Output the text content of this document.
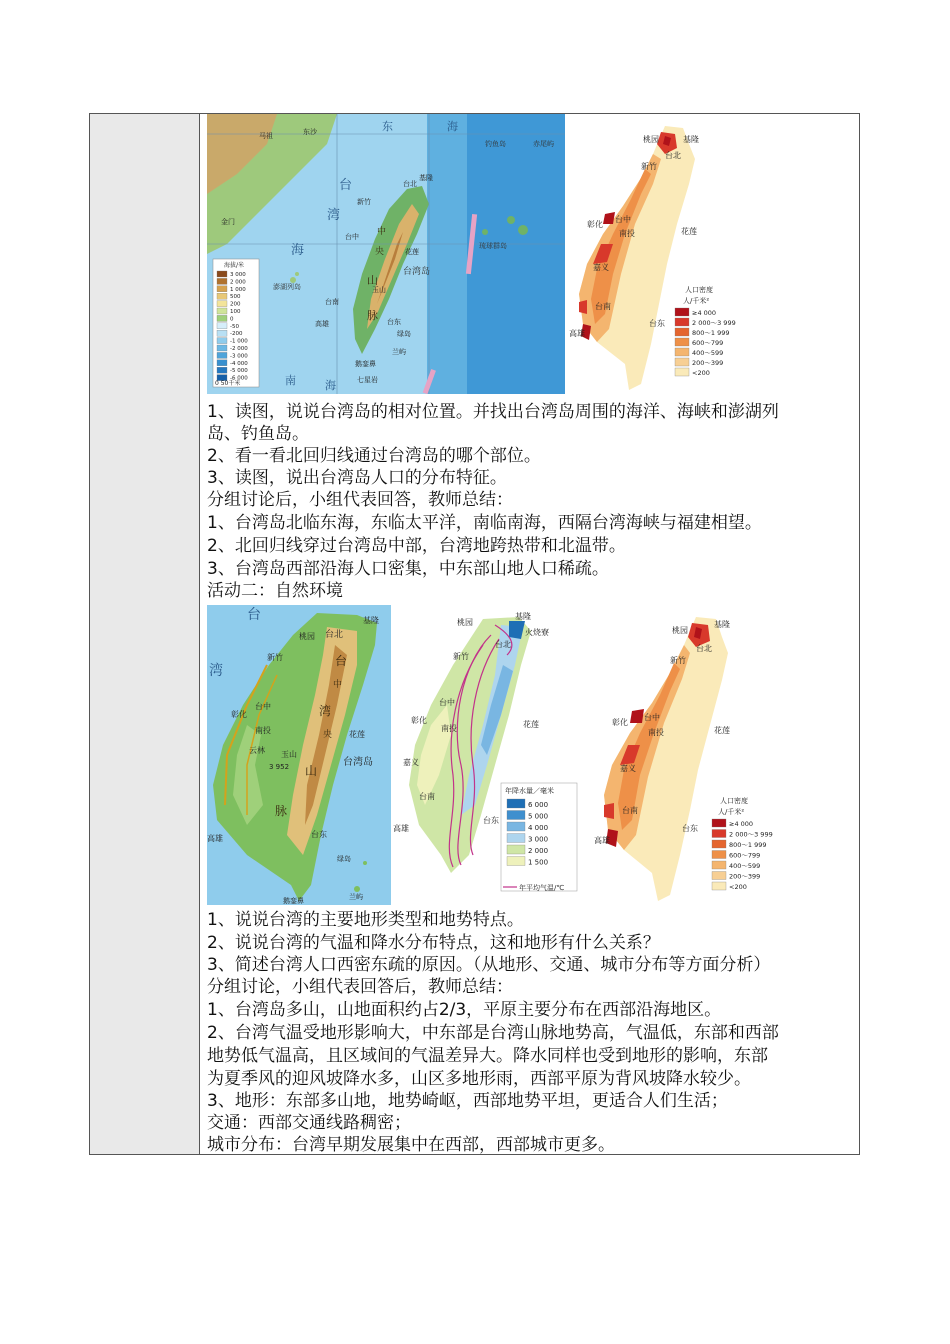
东	海
台
湾
海
南	海
台湾岛
山
脉
中
央
澎湖列岛
钓鱼岛	赤尾屿
琉球群岛
台北
基隆
新竹
台中
花莲
台东
台南
高雄
兰屿
绿岛
鹅銮鼻
七星岩
玉山
金门
马祖	东沙
海拔/米
3 000
2 000
1 000
500
200
100
0
-50
-200
-1 000
-2 000
-3 000
-4 000
-5 000
-6 000
0 50千米
桃园	基隆
台北
新竹
台中
彰化
南投	花莲
嘉义
台南
台东
高雄
人口密度
人/千米²
≥4 000
2 000～3 999
800～1 999
600～799
400～599
200～399
<200
1、读图，说说台湾岛的相对位置。并找出台湾岛周围的海洋、海峡和澎湖列
岛、钓鱼岛。
2、看一看北回归线通过台湾岛的哪个部位。
3、读图，说出台湾岛人口的分布特征。
分组讨论后，小组代表回答，教师总结：
1、台湾岛北临东海，东临太平洋，南临南海，西隔台湾海峡与福建相望。
2、北回归线穿过台湾岛中部，台湾地跨热带和北温带。
3、台湾岛西部沿海人口密集，中东部山地人口稀疏。
活动二：自然环境
台
湾
台北
桃园
基隆
新竹
彰化
台中
南投	花莲
云林 玉山
3 952	台湾岛
高雄	台东
绿岛
兰屿
鹅銮鼻
台
湾
山
脉
中
央
桃园
基隆
台北
火烧寮
新竹
彰化
台中
南投	花莲
嘉义
台南
高雄
台东
年降水量／毫米
6 000
5 000
4 000
3 000
2 000
1 500
年平均气温/℃
桃园
基隆
台北
新竹
台中
彰化
南投	花莲
嘉义
台南
台东
高雄
人口密度
人/千米²
≥4 000
2 000～3 999
800～1 999
600～799
400～599
200～399
<200
1、说说台湾的主要地形类型和地势特点。
2、说说台湾的气温和降水分布特点，这和地形有什么关系？
3、简述台湾人口西密东疏的原因。（从地形、交通、城市分布等方面分析）
分组讨论，小组代表回答后，教师总结：
1、台湾岛多山，山地面积约占2/3，平原主要分布在西部沿海地区。
2、台湾气温受地形影响大，中东部是台湾山脉地势高，气温低，东部和西部
地势低气温高，且区域间的气温差异大。降水同样也受到地形的影响，东部
为夏季风的迎风坡降水多，山区多地形雨，西部平原为背风坡降水较少。
3、地形：东部多山地，地势崎岖，西部地势平坦，更适合人们生活；
交通：西部交通线路稠密；
城市分布：台湾早期发展集中在西部，西部城市更多。
